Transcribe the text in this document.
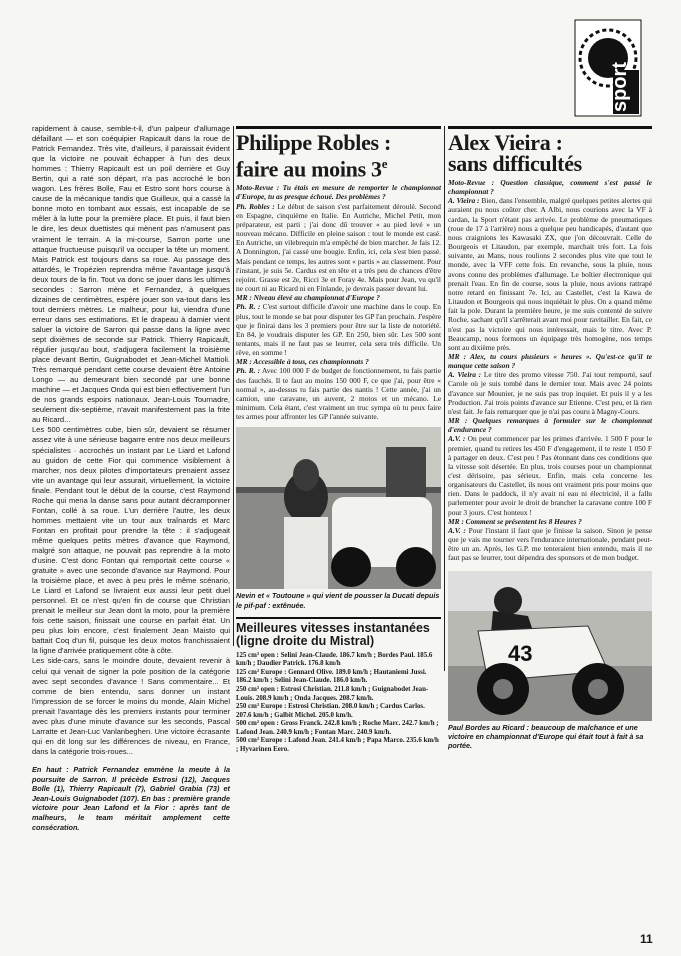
sport

rapidement à cause, semble-t-il, d'un palpeur d'allumage défaillant — et son coéquipier Rapicault dans la roue de Patrick Fernandez. Très vite, d'ailleurs, il paraissait évident que la victoire ne pouvait échapper à l'un des deux hommes : Thierry Rapicault est un poil derrière et Guy Bertin, qui a raté son départ, n'a pas accroché le bon wagon. Les frères Bolle, Fau et Estro sont hors course à cause de la mécanique tandis que Guilleux, qui a cassé la bonne moto en tombant aux essais, est incapable de se mêler à la lutte pour la première place. Et puis, il faut bien le dire, les deux duettistes qui mènent pas n'amusent pas vraiment le terrain. A la mi-course, Sarron porte une attaque fructueuse puisqu'il va occuper la tête un moment. Mais Patrick est toujours dans sa roue. Au passage des attardés, le Tropézien reprendra même l'avantage jusqu'à deux tours de la fin. Tout va donc se jouer dans les ultimes secondes : Sarron mène et Fernandez, à quelques dizaines de centimètres, espère jouer son va-tout dans les tout derniers mètres. Le malheur, pour lui, viendra d'une erreur dans ses estimations. Et le drapeau à damier vient saluer la victoire de Sarron qui passe dans la ligne avec sept dixièmes de seconde sur Patrick. Thierry Rapicault, régulier jusqu'au bout, s'adjugera facilement la troisième place devant Bertin, Guignabodet et Jean-Michel Mattioli. Très remarqué pendant cette course devaient être Antoine Longo — au demeurant bien secondé par une bonne machine — et Jacques Onda qui est bien effectivement l'un de nos grands espoirs nationaux. Jean-Louis Tournadre, seulement dix-septième, n'avait manifestement pas la frite au Ricard...

Les 500 centimètres cube, bien sûr, devaient se résumer assez vite à une sérieuse bagarre entre nos deux meilleurs spécialistes · accrochés un instant par Le Liard et Lafond au guidon de cette Fior qui commence visiblement à marcher, nos deux pilotes d'importateurs prenaient assez vite un avantage qui leur assurait, virtuellement, la victoire finale. Pendant tout le début de la course, c'est Raymond Roche qui mena la danse sans pour autant décramponner Fontan, collé à sa roue. L'un derrière l'autre, les deux hommes mettaient vite un tour aux traînards et Marc Fontan en profitait pour prendre la tête : il s'adjugeait même quelques petits mètres d'avance que Raymond, malgré son attaque, ne pouvait pas reprendre à la moto d'usine. C'est donc Fontan qui remportait cette course « gratuite » avec une seconde d'avance sur Raymond. Pour la troisième place, et avec à peu près le même scénario, Le Liard et Lafond se livraient eux aussi leur petit duel personnel. Et ce n'est qu'en fin de course que Christian prenait le meilleur sur Jean dont la moto, pour la première fois cette saison, finissait une course en parfait état. Un peu plus loin encore, c'est finalement Jean Maisto qui battait Coq d'un fil, puisque les deux motos franchissaient la ligne d'arrivée pratiquement côte à côte.

Les side-cars, sans le moindre doute, devaient revenir à celui qui venait de signer la pole position de la catégorie avec sept secondes d'avance ! Sans commentaire... Et comme de bien entendu, sans donner un instant l'impression de se forcer le moins du monde, Alain Michel prenait l'avantage dès les premiers instants pour terminer avec plus d'une minute d'avance sur les seconds, Pascal Larratte et Jean-Luc Vanlanbeghen. Une victoire écrasante qui en dit long sur les différences de niveau, en France, dans la catégorie trois-roues...

En haut : Patrick Fernandez emmène la meute à la poursuite de Sarron. Il précède Estrosi (12), Jacques Bolle (1), Thierry Rapicault (7), Gabriel Grabia (73) et Jean-Louis Guignabodet (107). En bas : première grande victoire pour Jean Lafond et la Fior : après tant de malheurs, le team méritait amplement cette consécration.

Philippe Robles :
faire au moins 3e

Moto-Revue : Tu étais en mesure de remporter le championnat d'Europe, tu as presque échoué. Des problèmes ?

Ph. Robles : Le début de saison s'est parfaitement déroulé. Second en Espagne, cinquième en Italie. En Autriche, Michel Petit, mon préparateur, est parti ; j'ai donc dû trouver « au pied levé » un nouveau mécano. Difficile en pleine saison : tout le monde est casé. En Autriche, un vilebrequin m'a empêché de bien marcher. Je fais 12. A Donnington, j'ai cassé une bougie. Enfin, ici, cela s'est bien passé. Mais pendant ce temps, les autres sont « partis » au classement. Pour l'instant, je suis 5e. Cardus est en tête et a très peu de chances d'être rejoint. Grasse est 2e, Ricci 3e et Foray 4e. Mais pour Jean, vu qu'il ne court ni au Ricard ni en Finlande, je devrais passer devant lui.

MR : Niveau élevé au championnat d'Europe ?

Ph. R. : C'est surtout difficile d'avoir une machine dans le coup. En plus, tout le monde se bat pour disputer les GP l'an prochain. J'espère que je finirai dans les 3 premiers pour être sur la liste de notoriété. En 84, je voudrais disputer les GP. En 250, bien sûr. Les 500 sont tentants, mais il ne faut pas se leurrer, cela sera très difficile. Un rêve, en somme !

MR : Accessible à tous, ces championnats ?

Ph. R. : Avec 100 000 F de budget de fonctionnement, tu fais partie des fauchés. Il te faut au moins 150 000 F, ce que j'ai, pour être « normal », au-dessus tu fais partie des nantis ! Cette année, j'ai un camion, une caravane, un auvent, 2 motos et un mécano. Le minimum. Cela étant, c'est vraiment un truc sympa où tu peux faire tes armes pour affronter les GP l'année suivante.

Nevin et « Toutoune » qui vient de pousser la Ducati depuis le pif-paf : extênuée.

Meilleures vitesses instantanées (ligne droite du Mistral)

125 cm³ open : Selini Jean-Claude. 186.7 km/h ; Bordes Paul. 185.6 km/h ; Daudier Patrick. 176.8 km/h

125 cm³ Europe : Gennard Olive. 189.0 km/h ; Hautaniemi Jussi. 186.2 km/h ; Selini Jean-Claude. 186.0 km/h.

250 cm³ open : Estrosi Christian. 211.8 km/h ; Guignabodet Jean-Louis. 208.9 km/h ; Onda Jacques. 208.7 km/h.

250 cm³ Europe : Estrosi Christian. 208.0 km/h ; Cardus Carlos. 207.6 km/h ; Galbit Michel. 205.0 km/h.

500 cm³ open : Gross Franck. 242.8 km/h ; Roche Marc. 242.7 km/h ; Lafond Jean. 240.9 km/h ; Fontan Marc. 240.9 km/h.

500 cm³ Europe : Lafond Jean. 241.4 km/h ; Papa Marco. 235.6 km/h ; Hyvarinen Eero.

Alex Vieira :
sans difficultés

Moto-Revue : Question classique, comment s'est passé le championnat ?

A. Vieira : Bien, dans l'ensemble, malgré quelques petites alertes qui auraient pu nous coûter cher. A Albi, nous courions avec la VF à cardan, la Sport n'étant pas arrivée. Le problème de pneumatiques (roue de 17 à l'arrière) nous a quelque peu handicapés, d'autant que nous craignions les Kawasaki ZX, que j'on découvrait. Celle de Bourgeois et Litaudon, par exemple, marchait très fort. La fois suivante, au Mans, nous roulions 2 secondes plus vite que tout le monde, avec la VFF cette fois. En revanche, sous la pluie, nous avons connu des problèmes d'allumage. Le boîtier électronique qui prenait l'eau. En fin de course, sous la pluie, nous avions rattrapé notre retard en finissant 7e. Ici, au Castellet, c'est la Kawa de Litaudon et Bourgeois qui nous inquiétait le plus. On a quand même fait la pole. Durant la première heure, je me suis contenté de suivre Roche, sachant qu'il s'arrêterait avant moi pour ravitailler. En fait, ce n'est pas la victoire qui nous intéressait, mais le titre. Avec P. Beaucamp, nous formons un équipage très homogène, nos temps sont au dixième près.

MR : Alex, tu cours plusieurs « heures ». Qu'est-ce qu'il te manque cette saison ?

A. Vieira : Le titre des promo vitesse 750. J'ai tout remporté, sauf Carole où je suis tombé dans le dernier tour. Mais avec 24 points d'avance sur Mounier, je ne suis pas trop inquiet. Et puis il y a les Production. J'ai trois points d'avance sur Etienne. C'est peu, et là rien n'est fait. Je fais remarquer que je n'ai pas couru à Magny-Cours.

MR : Quelques remarques à formuler sur le championnat d'endurance ?

A.V. : On peut commencer par les primes d'arrivée. 1 500 F pour le premier, quand tu retires les 450 F d'engagement, il te reste 1 050 F à partager en deux. C'est peu ! Pas étonnant dans ces conditions que la vitesse soit désertée. En plus, trois courses pour un championnat c'est dérisoire, pas sérieux. Enfin, mais cela concerne les organisateurs du Castellet, ils nous ont vraiment pris pour moins que rien. Dans le paddock, il n'y avait ni eau ni électricité, il a fallu parlementer pour avoir le droit de brancher la caravane contre 100 F pour 3 jours. C'est honteux !

MR : Comment se présentent les 8 Heures ?

A.V. : Pour l'instant il faut que je finisse la saison. Sinon je pense que je vais me tourner vers l'endurance internationale, pendant peut-être un an. Après, les G.P. me tenteraient bien entendu, mais il ne faut pas se leurrer, tout dépendra des sponsors et de mon budget.

43

Paul Bordes au Ricard : beaucoup de malchance et une victoire en championnat d'Europe qui était tout à fait à sa portée.

11
